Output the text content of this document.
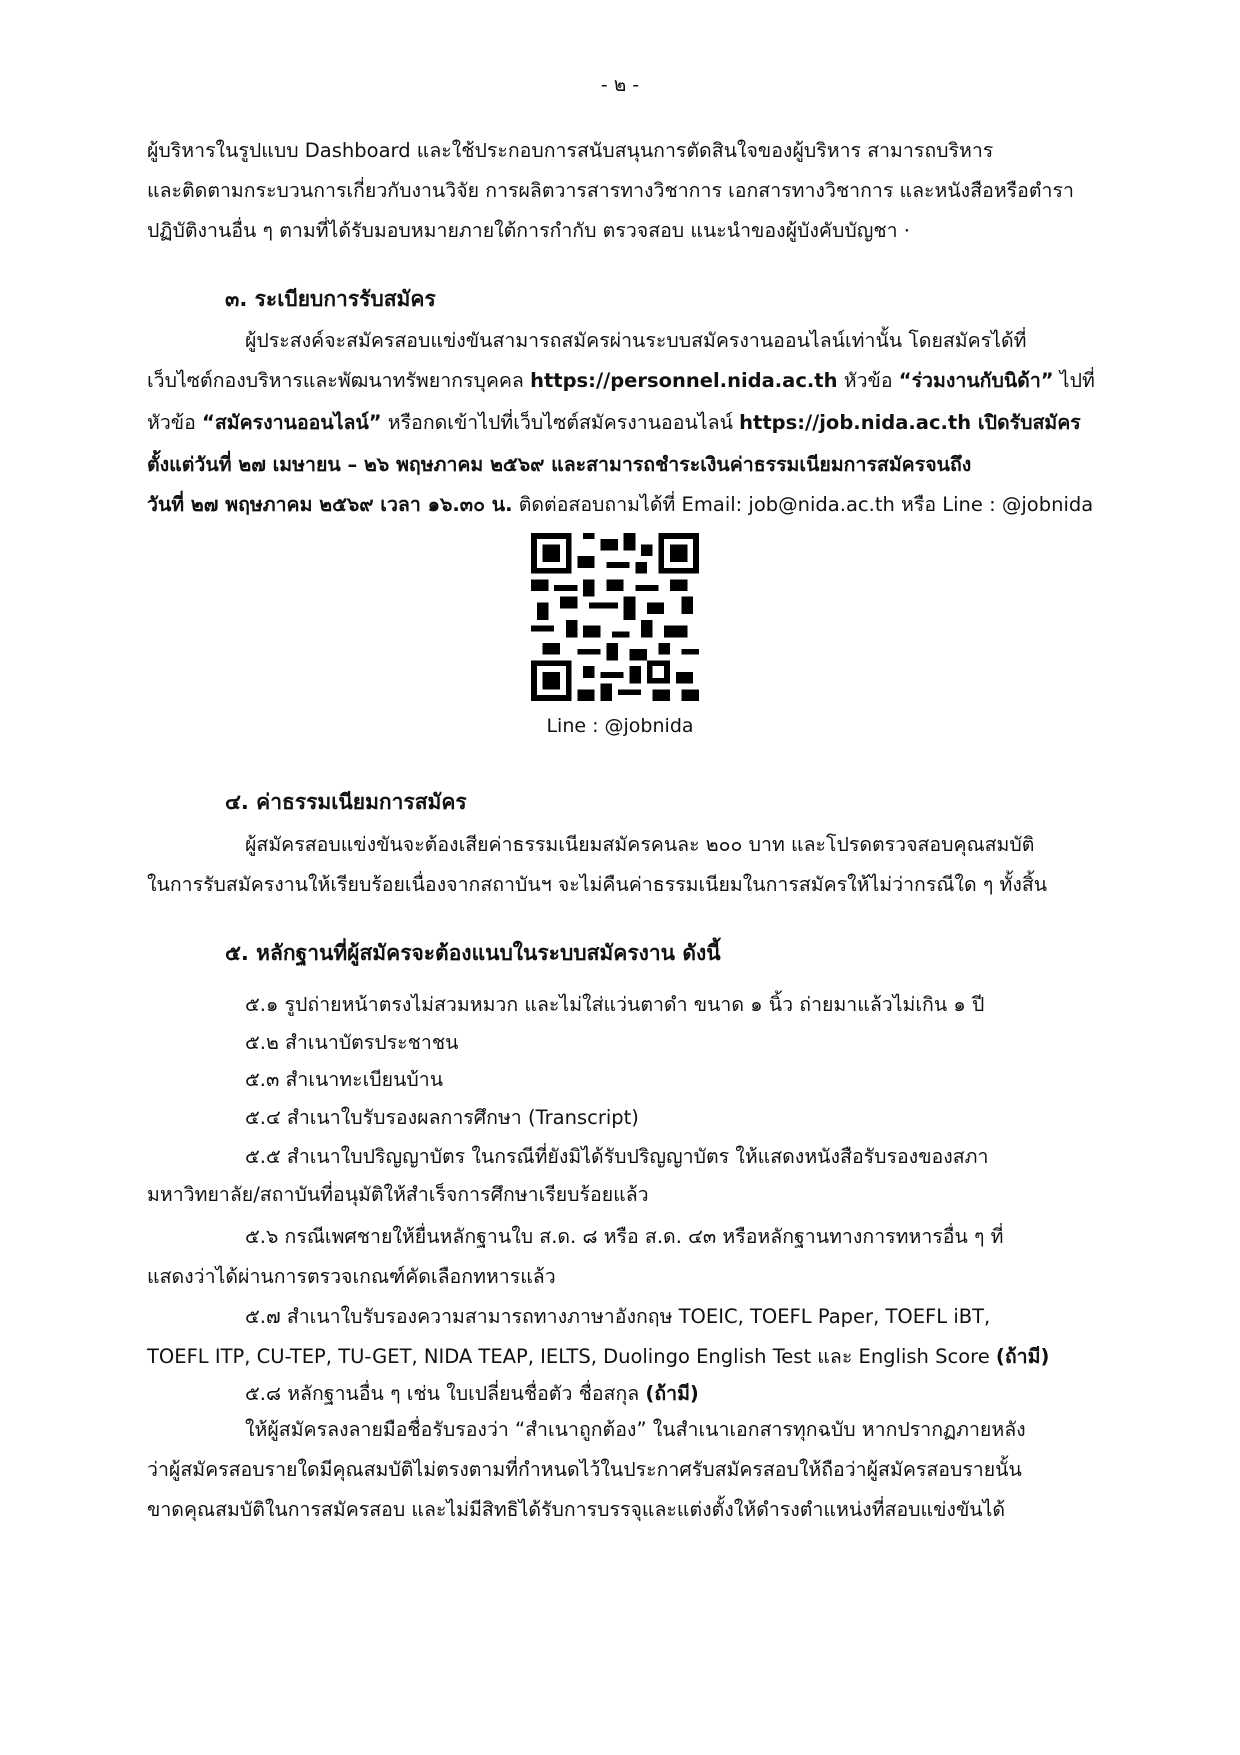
- ๒ -
ผู้บริหารในรูปแบบ Dashboard และใช้ประกอบการสนับสนุนการตัดสินใจของผู้บริหาร สามารถบริหาร
และติดตามกระบวนการเกี่ยวกับงานวิจัย การผลิตวารสารทางวิชาการ เอกสารทางวิชาการ และหนังสือหรือตำรา
ปฏิบัติงานอื่น ๆ ตามที่ได้รับมอบหมายภายใต้การกำกับ ตรวจสอบ แนะนำของผู้บังคับบัญชา ·
๓. ระเบียบการรับสมัคร
ผู้ประสงค์จะสมัครสอบแข่งขันสามารถสมัครผ่านระบบสมัครงานออนไลน์เท่านั้น โดยสมัครได้ที่
เว็บไซต์กองบริหารและพัฒนาทรัพยากรบุคคล https://personnel.nida.ac.th หัวข้อ “ร่วมงานกับนิด้า” ไปที่
หัวข้อ “สมัครงานออนไลน์” หรือกดเข้าไปที่เว็บไซต์สมัครงานออนไลน์ https://job.nida.ac.th เปิดรับสมัคร
ตั้งแต่วันที่ ๒๗ เมษายน – ๒๖ พฤษภาคม ๒๕๖๙ และสามารถชำระเงินค่าธรรมเนียมการสมัครจนถึง
วันที่ ๒๗ พฤษภาคม ๒๕๖๙ เวลา ๑๖.๓๐ น. ติดต่อสอบถามได้ที่ Email: job@nida.ac.th หรือ Line : @jobnida
Line : @jobnida
๔. ค่าธรรมเนียมการสมัคร
ผู้สมัครสอบแข่งขันจะต้องเสียค่าธรรมเนียมสมัครคนละ ๒๐๐ บาท และโปรดตรวจสอบคุณสมบัติ
ในการรับสมัครงานให้เรียบร้อยเนื่องจากสถาบันฯ จะไม่คืนค่าธรรมเนียมในการสมัครให้ไม่ว่ากรณีใด ๆ ทั้งสิ้น
๕. หลักฐานที่ผู้สมัครจะต้องแนบในระบบสมัครงาน ดังนี้
๕.๑ รูปถ่ายหน้าตรงไม่สวมหมวก และไม่ใส่แว่นตาดำ ขนาด ๑ นิ้ว ถ่ายมาแล้วไม่เกิน ๑ ปี
๕.๒ สำเนาบัตรประชาชน
๕.๓ สำเนาทะเบียนบ้าน
๕.๔ สำเนาใบรับรองผลการศึกษา (Transcript)
๕.๕ สำเนาใบปริญญาบัตร ในกรณีที่ยังมิได้รับปริญญาบัตร ให้แสดงหนังสือรับรองของสภา
มหาวิทยาลัย/สถาบันที่อนุมัติให้สำเร็จการศึกษาเรียบร้อยแล้ว
๕.๖ กรณีเพศชายให้ยื่นหลักฐานใบ ส.ด. ๘ หรือ ส.ด. ๔๓ หรือหลักฐานทางการทหารอื่น ๆ ที่
แสดงว่าได้ผ่านการตรวจเกณฑ์คัดเลือกทหารแล้ว
๕.๗ สำเนาใบรับรองความสามารถทางภาษาอังกฤษ TOEIC, TOEFL Paper, TOEFL iBT,
TOEFL ITP, CU-TEP, TU-GET, NIDA TEAP, IELTS, Duolingo English Test และ English Score (ถ้ามี)
๕.๘ หลักฐานอื่น ๆ เช่น ใบเปลี่ยนชื่อตัว ชื่อสกุล (ถ้ามี)
ให้ผู้สมัครลงลายมือชื่อรับรองว่า “สำเนาถูกต้อง” ในสำเนาเอกสารทุกฉบับ หากปรากฏภายหลัง
ว่าผู้สมัครสอบรายใดมีคุณสมบัติไม่ตรงตามที่กำหนดไว้ในประกาศรับสมัครสอบให้ถือว่าผู้สมัครสอบรายนั้น
ขาดคุณสมบัติในการสมัครสอบ และไม่มีสิทธิได้รับการบรรจุและแต่งตั้งให้ดำรงตำแหน่งที่สอบแข่งขันได้
